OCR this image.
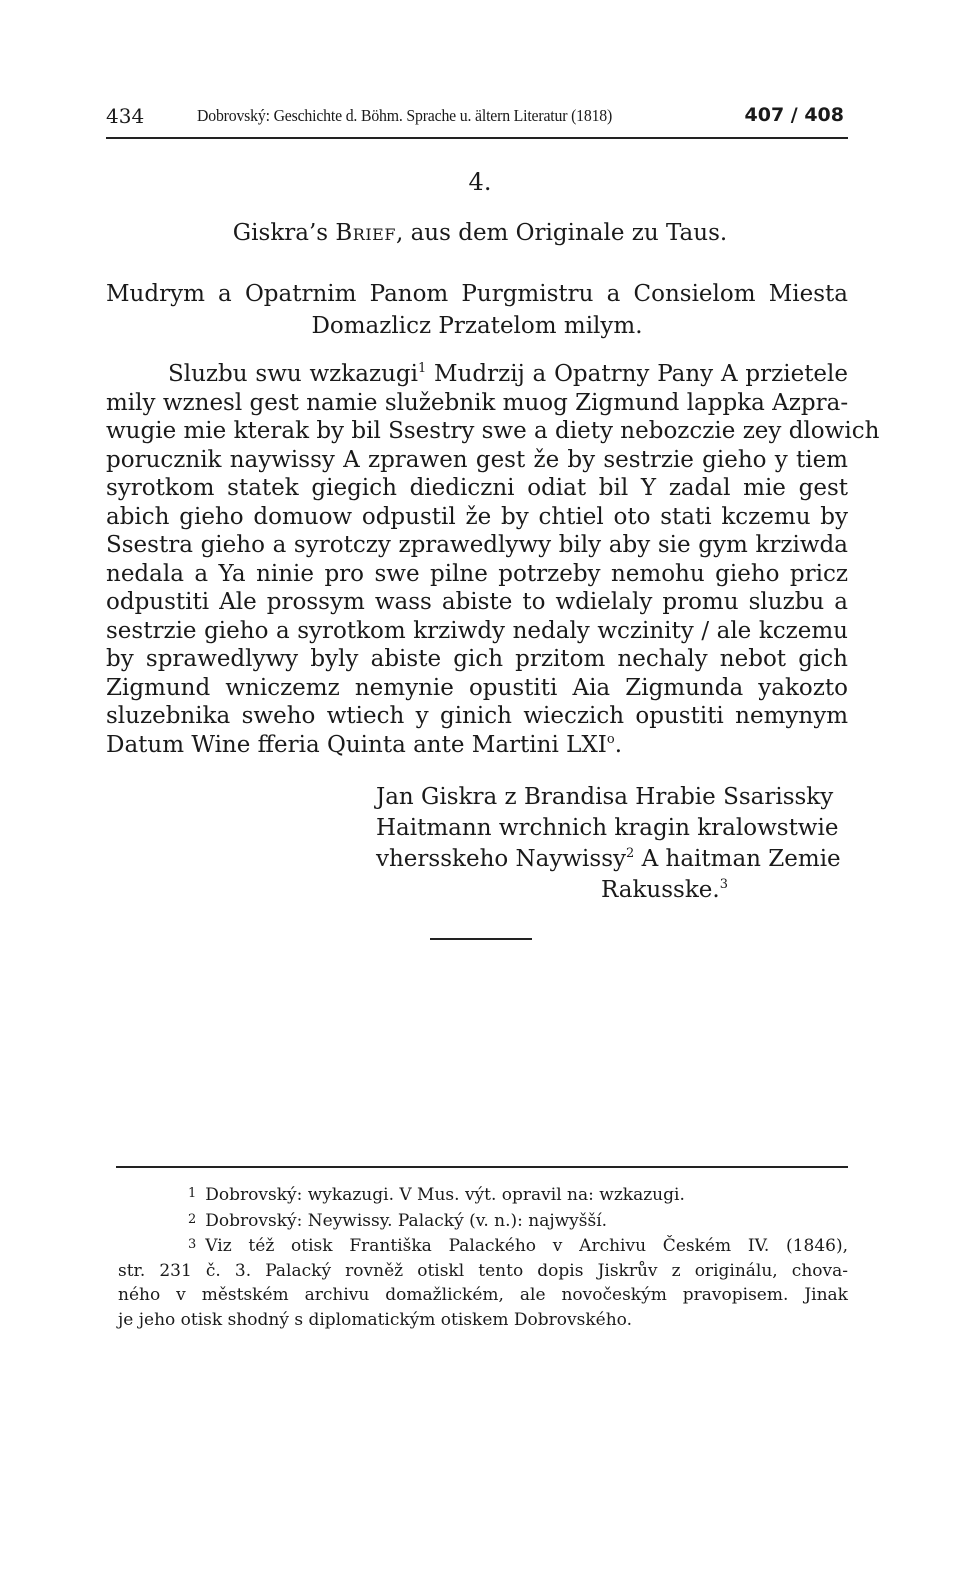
434	Dobrovský: Geschichte d. Böhm. Sprache u. ältern Literatur (1818)	407 / 408
4.
Giskra’s Brief, aus dem Originale zu Taus.
Mudrym a Opatrnim Panom Purgmistru a Consielom Miesta
Domazlicz Przatelom milym.
Sluzbu swu wzkazugi$^1$ Mudrzij a Opatrny Pany A przietele
mily wznesl gest namie služebnik muog Zigmund lappka Azpra-
wugie mie kterak by bil Ssestry swe a diety nebozczie zey dlowich
porucznik naywissy A zprawen gest že by sestrzie gieho y tiem
syrotkom statek giegich diediczni odiat bil Y zadal mie gest
abich gieho domuow odpustil že by chtiel oto stati kczemu by
Ssestra gieho a syrotczy zprawedlywy bily aby sie gym krziwda
nedala a Ya ninie pro swe pilne potrzeby nemohu gieho pricz
odpustiti Ale prossym wass abiste to wdielaly promu sluzbu a
sestrzie gieho a syrotkom krziwdy nedaly wczinity / ale kczemu
by sprawedlywy byly abiste gich przitom nechaly nebot gich
Zigmund wniczemz nemynie opustiti Aia Zigmunda yakozto
sluzebnika sweho wtiech y ginich wieczich opustiti nemynym
Datum Wine fferia Quinta ante Martini LXI$^o$.
Jan Giskra z Brandisa Hrabie Ssarissky
Haitmann wrchnich kragin kralowstwie
vhersskeho Naywissy$^2$ A haitman Zemie
Rakusske.$^3$
1 Dobrovský: wykazugi. V Mus. výt. opravil na: wzkazugi.
2 Dobrovský: Neywissy. Palacký (v. n.): najwyšší.
3 Viz též otisk Františka Palackého v Archivu Českém IV. (1846),
str. 231 č. 3. Palacký rovněž otiskl tento dopis Jiskrův z originálu, chova-
ného v městském archivu domažlickém, ale novočeským pravopisem. Jinak
je jeho otisk shodný s diplomatickým otiskem Dobrovského.
